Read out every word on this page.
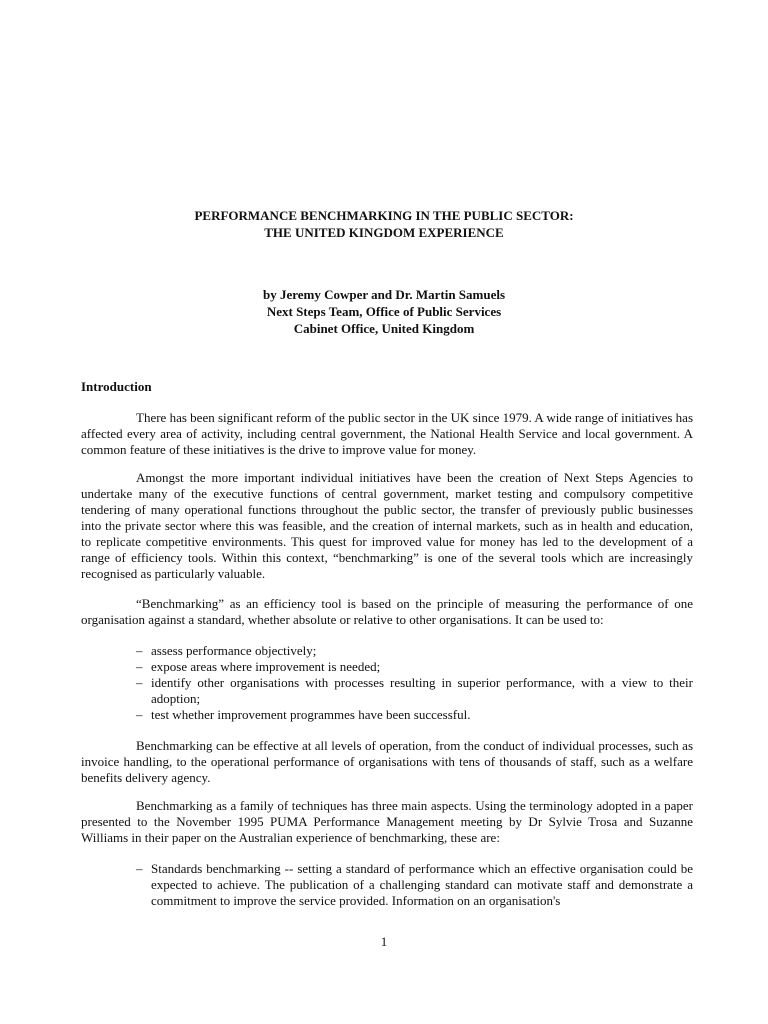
PERFORMANCE BENCHMARKING IN THE PUBLIC SECTOR:
THE UNITED KINGDOM EXPERIENCE
by Jeremy Cowper and Dr. Martin Samuels
Next Steps Team, Office of Public Services
Cabinet Office, United Kingdom
Introduction

There has been significant reform of the public sector in the UK since 1979. A wide range of initiatives has affected every area of activity, including central government, the National Health Service and local government. A common feature of these initiatives is the drive to improve value for money.

Amongst the more important individual initiatives have been the creation of Next Steps Agencies to undertake many of the executive functions of central government, market testing and compulsory competitive tendering of many operational functions throughout the public sector, the transfer of previously public businesses into the private sector where this was feasible, and the creation of internal markets, such as in health and education, to replicate competitive environments. This quest for improved value for money has led to the development of a range of efficiency tools. Within this context, “benchmarking” is one of the several tools which are increasingly recognised as particularly valuable.

“Benchmarking” as an efficiency tool is based on the principle of measuring the performance of one organisation against a standard, whether absolute or relative to other organisations. It can be used to:

– assess performance objectively;
– expose areas where improvement is needed;
– identify other organisations with processes resulting in superior performance, with a view to their adoption;
– test whether improvement programmes have been successful.

Benchmarking can be effective at all levels of operation, from the conduct of individual processes, such as invoice handling, to the operational performance of organisations with tens of thousands of staff, such as a welfare benefits delivery agency.

Benchmarking as a family of techniques has three main aspects. Using the terminology adopted in a paper presented to the November 1995 PUMA Performance Management meeting by Dr Sylvie Trosa and Suzanne Williams in their paper on the Australian experience of benchmarking, these are:

– Standards benchmarking -- setting a standard of performance which an effective organisation could be expected to achieve. The publication of a challenging standard can motivate staff and demonstrate a commitment to improve the service provided. Information on an organisation's
1
